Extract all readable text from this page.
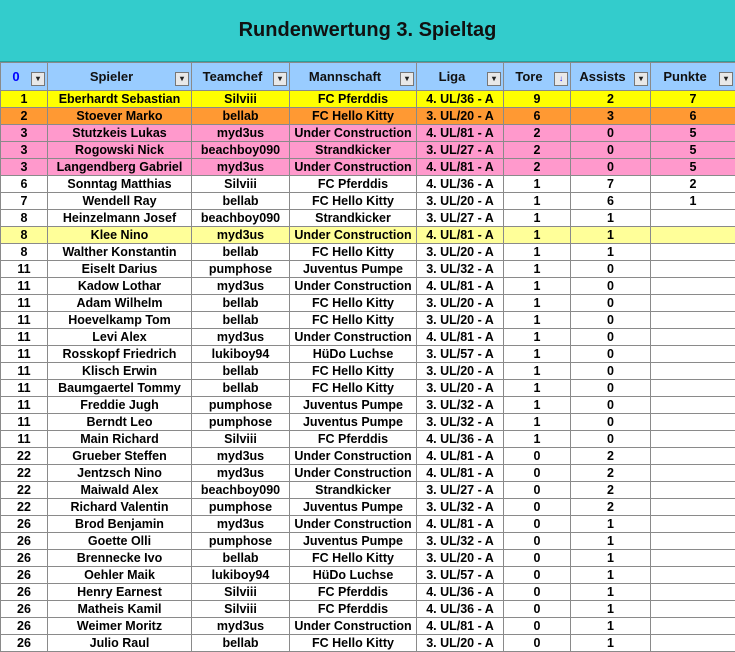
Rundenwertung 3. Spieltag
0 ▾	Spieler ▾	Teamchef ▾	Mannschaft ▾	Liga ▾	Tore ↓	Assists ▾	Punkte ▾

1	Eberhardt Sebastian	Silviii	FC Pferddis	4. UL/36 - A	9	2	7
2	Stoever Marko	bellab	FC Hello Kitty	3. UL/20 - A	6	3	6
3	Stutzkeis Lukas	myd3us	Under Construction	4. UL/81 - A	2	0	5
3	Rogowski Nick	beachboy090	Strandkicker	3. UL/27 - A	2	0	5
3	Langendberg Gabriel	myd3us	Under Construction	4. UL/81 - A	2	0	5
6	Sonntag Matthias	Silviii	FC Pferddis	4. UL/36 - A	1	7	2
7	Wendell Ray	bellab	FC Hello Kitty	3. UL/20 - A	1	6	1
8	Heinzelmann Josef	beachboy090	Strandkicker	3. UL/27 - A	1	1	
8	Klee Nino	myd3us	Under Construction	4. UL/81 - A	1	1	
8	Walther Konstantin	bellab	FC Hello Kitty	3. UL/20 - A	1	1	
11	Eiselt Darius	pumphose	Juventus Pumpe	3. UL/32 - A	1	0	
11	Kadow Lothar	myd3us	Under Construction	4. UL/81 - A	1	0	
11	Adam Wilhelm	bellab	FC Hello Kitty	3. UL/20 - A	1	0	
11	Hoevelkamp Tom	bellab	FC Hello Kitty	3. UL/20 - A	1	0	
11	Levi Alex	myd3us	Under Construction	4. UL/81 - A	1	0	
11	Rosskopf Friedrich	lukiboy94	HüDo Luchse	3. UL/57 - A	1	0	
11	Klisch Erwin	bellab	FC Hello Kitty	3. UL/20 - A	1	0	
11	Baumgaertel Tommy	bellab	FC Hello Kitty	3. UL/20 - A	1	0	
11	Freddie Jugh	pumphose	Juventus Pumpe	3. UL/32 - A	1	0	
11	Berndt Leo	pumphose	Juventus Pumpe	3. UL/32 - A	1	0	
11	Main Richard	Silviii	FC Pferddis	4. UL/36 - A	1	0	
22	Grueber Steffen	myd3us	Under Construction	4. UL/81 - A	0	2	
22	Jentzsch Nino	myd3us	Under Construction	4. UL/81 - A	0	2	
22	Maiwald Alex	beachboy090	Strandkicker	3. UL/27 - A	0	2	
22	Richard Valentin	pumphose	Juventus Pumpe	3. UL/32 - A	0	2	
26	Brod Benjamin	myd3us	Under Construction	4. UL/81 - A	0	1	
26	Goette Olli	pumphose	Juventus Pumpe	3. UL/32 - A	0	1	
26	Brennecke Ivo	bellab	FC Hello Kitty	3. UL/20 - A	0	1	
26	Oehler Maik	lukiboy94	HüDo Luchse	3. UL/57 - A	0	1	
26	Henry Earnest	Silviii	FC Pferddis	4. UL/36 - A	0	1	
26	Matheis Kamil	Silviii	FC Pferddis	4. UL/36 - A	0	1	
26	Weimer Moritz	myd3us	Under Construction	4. UL/81 - A	0	1	
26	Julio Raul	bellab	FC Hello Kitty	3. UL/20 - A	0	1	
